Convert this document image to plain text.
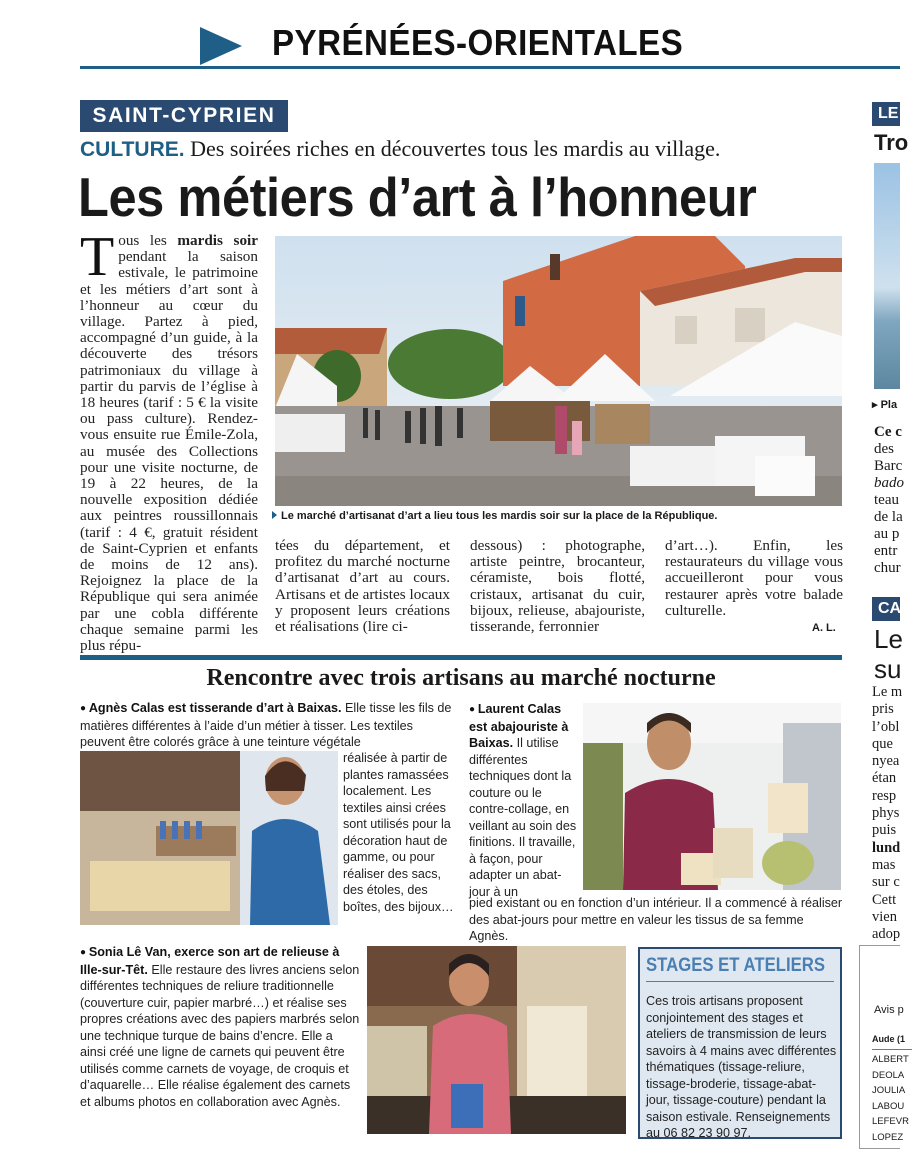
PYRÉNÉES-ORIENTALES
SAINT-CYPRIEN
CULTURE. Des soirées riches en découvertes tous les mardis au village.
Les métiers d’art à l’honneur
Tous les mardis soir pendant la saison estivale, le patrimoine et les métiers d’art sont à l’honneur au cœur du village. Partez à pied, accompagné d’un guide, à la découverte des trésors patrimoniaux du village à partir du parvis de l’église à 18 heures (tarif : 5 € la visite ou pass culture). Rendez-vous ensuite rue Émile-Zola, au musée des Collections pour une visite nocturne, de 19 à 22 heures, de la nouvelle exposition dédiée aux peintres roussillonnais (tarif : 4 €, gratuit résident de Saint-Cyprien et enfants de moins de 12 ans). Rejoignez la place de la République qui sera animée par une cobla différente chaque semaine parmi les plus répu-
Le marché d’artisanat d’art a lieu tous les mardis soir sur la place de la République.
tées du département, et profitez du marché nocturne d’artisanat d’art au cours. Artisans et de artistes locaux y proposent leurs créations et réalisations (lire ci-
dessous) : photographe, artiste peintre, brocanteur, céramiste, bois flotté, cristaux, artisanat du cuir, bijoux, relieuse, abajouriste, tisserande, ferronnier
d’art…). Enfin, les restaurateurs du village vous accueilleront pour vous restaurer après votre balade culturelle.
A. L.
Rencontre avec trois artisans au marché nocturne
● Agnès Calas est tisserande d’art à Baixas. Elle tisse les fils de matières différentes à l’aide d’un métier à tisser. Les textiles peuvent être colorés grâce à une teinture végétale
réalisée à partir de plantes ramassées localement. Les textiles ainsi crées sont utilisés pour la décoration haut de gamme, ou pour réaliser des sacs, des étoles, des boîtes, des bijoux…
● Laurent Calas est abajouriste à Baixas. Il utilise différentes techniques dont la couture ou le contre-collage, en veillant au soin des finitions. Il travaille, à façon, pour adapter un abat-jour à un
pied existant ou en fonction d’un intérieur. Il a commencé à réaliser des abat-jours pour mettre en valeur les tissus de sa femme Agnès.
● Sonia Lê Van, exerce son art de relieuse à Ille-sur-Têt. Elle restaure des livres anciens selon différentes techniques de reliure traditionnelle (couverture cuir, papier marbré…) et réalise ses propres créations avec des papiers marbrés selon une technique turque de bains d’encre. Elle a ainsi créé une ligne de carnets qui peuvent être utilisés comme carnets de voyage, de croquis et d’aquarelle… Elle réalise également des carnets et albums photos en collaboration avec Agnès.
STAGES ET ATELIERS
Ces trois artisans proposent conjointement des stages et ateliers de transmission de leurs savoirs à 4 mains avec différentes thématiques (tissage-reliure, tissage-broderie, tissage-abat-jour, tissage-couture) pendant la saison estivale. Renseignements au 06 82 23 90 97.
LE
Tro
▸ Pla
Ce c
des
Barc
bado
teau
de la
au p
entr
chur
CA
Le
su
Le m
pris
l’obl
que
nyea
étan
resp
phys
puis
lund
mas
sur c
Cett
vien
adop
Avis p
Aude (1
ALBERT
DEOLA
JOULIA
LABOU
LEFEVR
LOPEZ
